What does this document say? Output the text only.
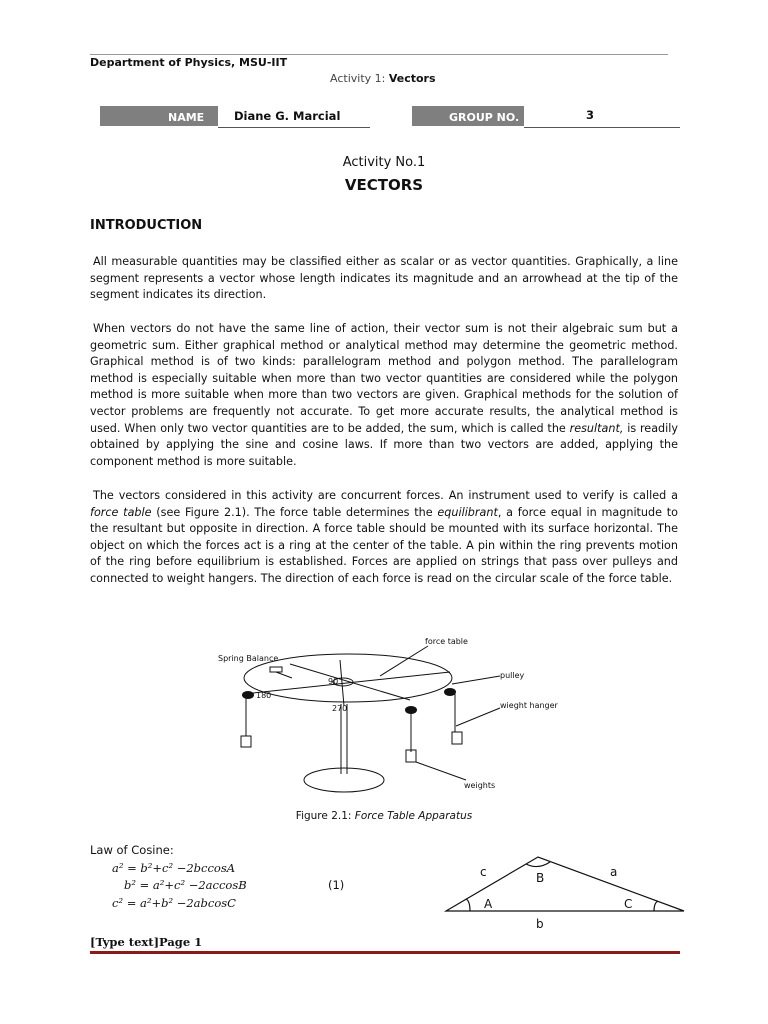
Department of Physics, MSU-IIT
Activity 1: Vectors
NAME	Diane G. Marcial	GROUP NO.	3
Activity No.1
VECTORS
INTRODUCTION

All measurable quantities may be classified either as scalar or as vector quantities. Graphically, a line segment represents a vector whose length indicates its magnitude and an arrowhead at the tip of the segment indicates its direction.

When vectors do not have the same line of action, their vector sum is not their algebraic sum but a geometric sum. Either graphical method or analytical method may determine the geometric method. Graphical method is of two kinds: parallelogram method and polygon method. The parallelogram method is especially suitable when more than two vector quantities are considered while the polygon method is more suitable when more than two vectors are given. Graphical methods for the solution of vector problems are frequently not accurate. To get more accurate results, the analytical method is used. When only two vector quantities are to be added, the sum, which is called the resultant, is readily obtained by applying the sine and cosine laws. If more than two vectors are added, applying the component method is more suitable.

The vectors considered in this activity are concurrent forces. An instrument used to verify is called a force table (see Figure 2.1). The force table determines the equilibrant, a force equal in magnitude to the resultant but opposite in direction. A force table should be mounted with its surface horizontal. The object on which the forces act is a ring at the center of the table. A pin within the ring prevents motion of the ring before equilibrium is established. Forces are applied on strings that pass over pulleys and connected to weight hangers. The direction of each force is read on the circular scale of the force table.

force table
Spring Balance
pulley
wieght hanger
weights
90
180
270
Figure 2.1: Force Table Apparatus
Law of Cosine:
a² = b²+c² −2bccosA
b² = a²+c² −2accosB
c² = a²+b² −2abcosC
(1)
c	a
b
A
B
C
[Type text]Page 1
